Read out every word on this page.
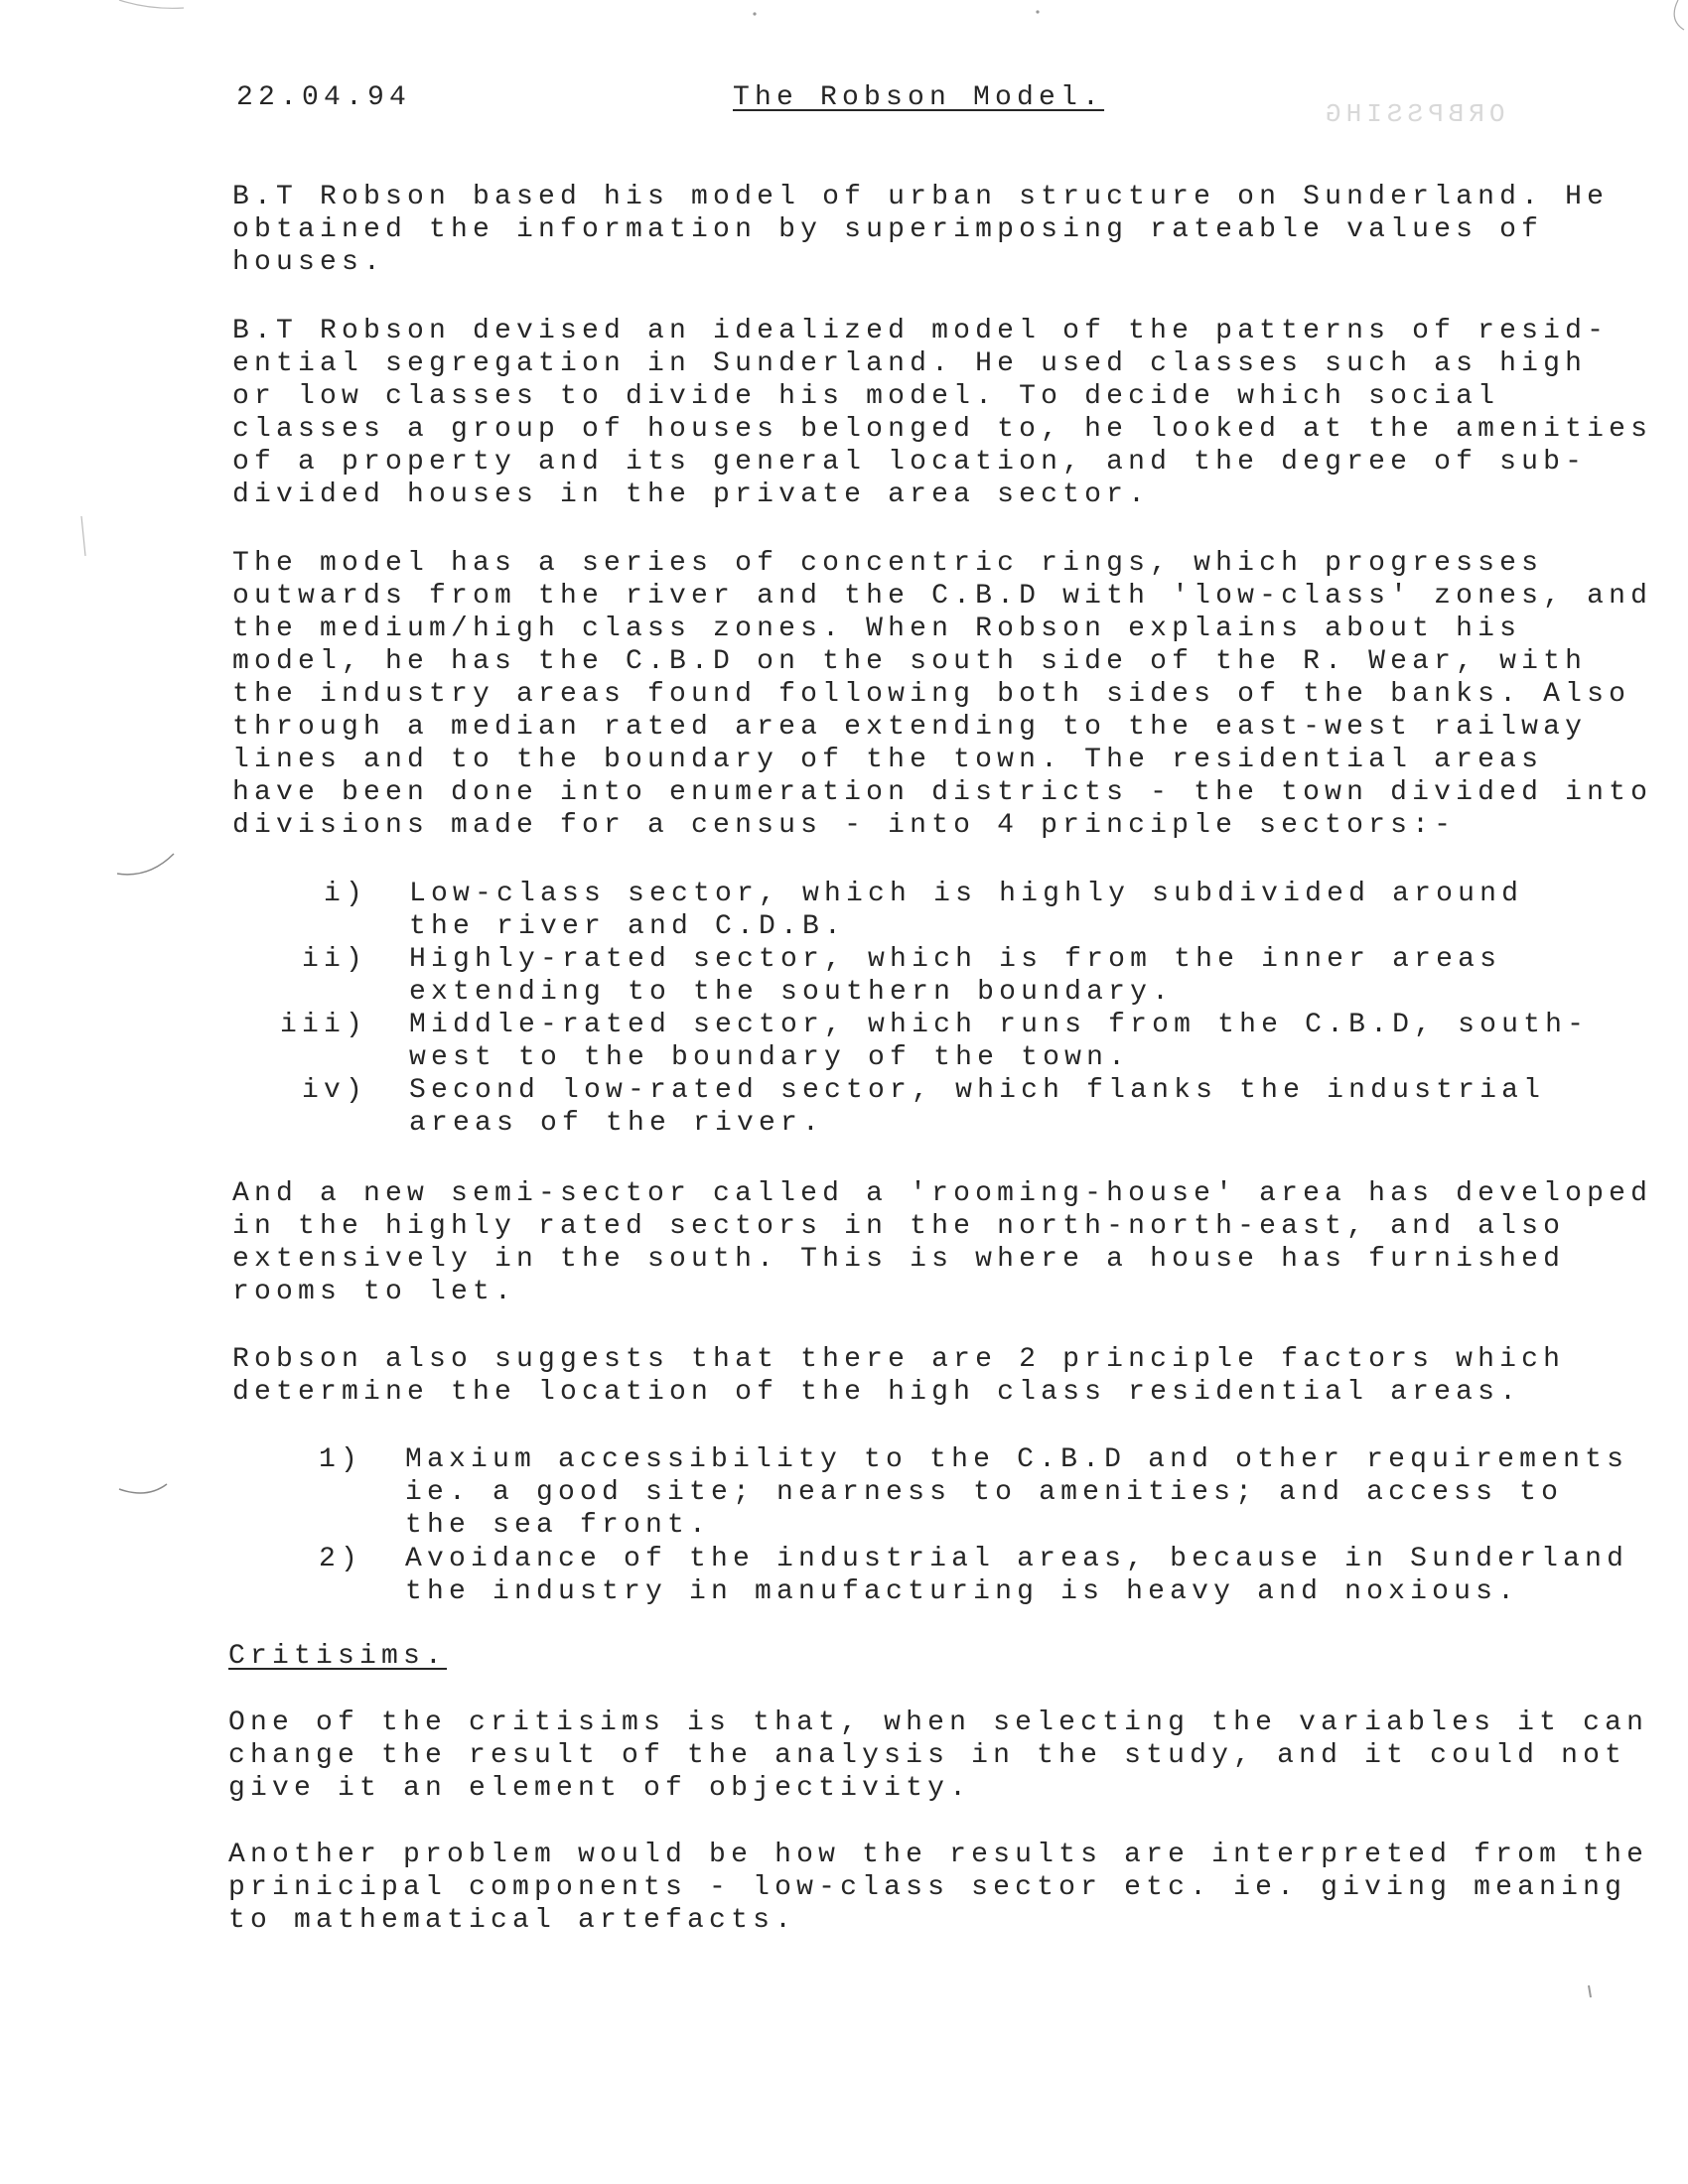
ORBPSSIHG
22.04.94	The Robson Model.
B.T Robson based his model of urban structure on Sunderland. He
obtained the information by superimposing rateable values of
houses.
B.T Robson devised an idealized model of the patterns of resid-
ential segregation in Sunderland. He used classes such as high
or low classes to divide his model. To decide which social
classes a group of houses belonged to, he looked at the amenities
of a property and its general location, and the degree of sub-
divided houses in the private area sector.
The model has a series of concentric rings, which progresses
outwards from the river and the C.B.D with 'low-class' zones, and
the medium/high class zones. When Robson explains about his
model, he has the C.B.D on the south side of the R. Wear, with
the industry areas found following both sides of the banks. Also
through a median rated area extending to the east-west railway
lines and to the boundary of the town. The residential areas
have been done into enumeration districts - the town divided into
divisions made for a census - into 4 principle sectors:-
i) Low-class sector, which is highly subdivided around
the river and C.D.B.
ii) Highly-rated sector, which is from the inner areas
extending to the southern boundary.
iii) Middle-rated sector, which runs from the C.B.D, south-
west to the boundary of the town.
iv) Second low-rated sector, which flanks the industrial
areas of the river.
And a new semi-sector called a 'rooming-house' area has developed
in the highly rated sectors in the north-north-east, and also
extensively in the south. This is where a house has furnished
rooms to let.
Robson also suggests that there are 2 principle factors which
determine the location of the high class residential areas.
1) Maxium accessibility to the C.B.D and other requirements
ie. a good site; nearness to amenities; and access to
the sea front.
2) Avoidance of the industrial areas, because in Sunderland
the industry in manufacturing is heavy and noxious.
Critisims.
One of the critisims is that, when selecting the variables it can
change the result of the analysis in the study, and it could not
give it an element of objectivity.
Another problem would be how the results are interpreted from the
prinicipal components - low-class sector etc. ie. giving meaning
to mathematical artefacts.
